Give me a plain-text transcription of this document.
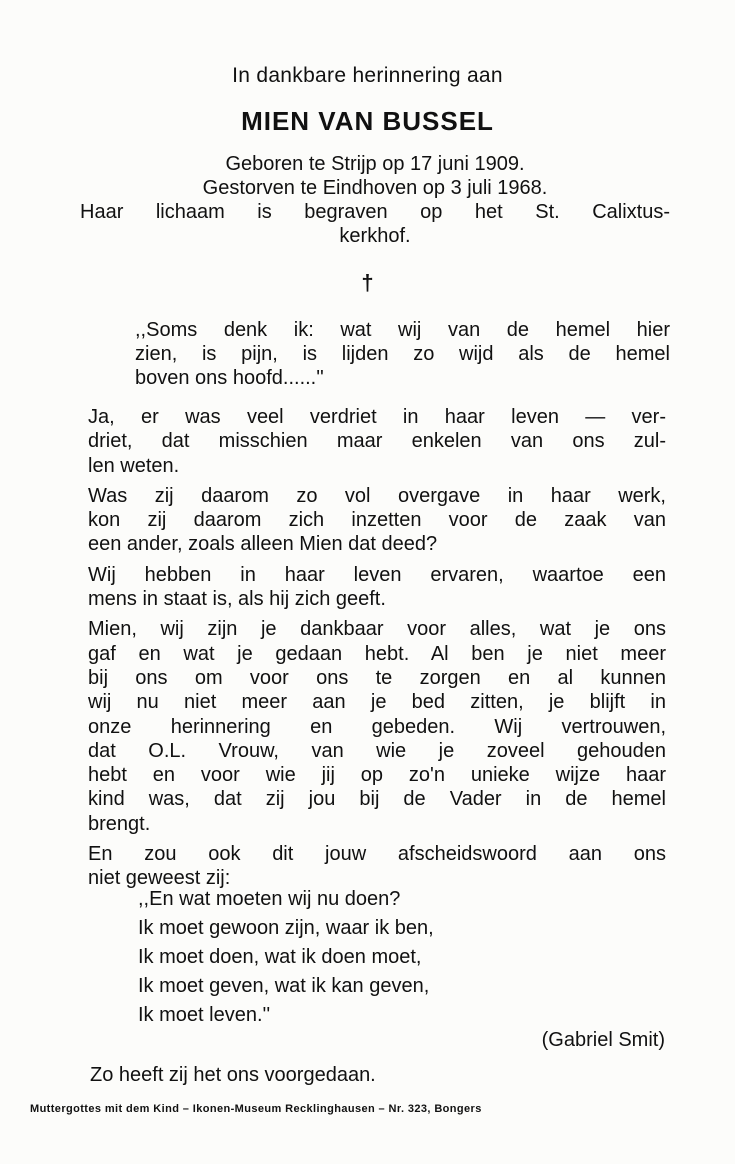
In dankbare herinnering aan
MIEN VAN BUSSEL
Geboren te Strijp op 17 juni 1909.
Gestorven te Eindhoven op 3 juli 1968.
Haar lichaam is begraven op het St. Calixtus-
kerkhof.
†
,,Soms denk ik: wat wij van de hemel hier
zien, is pijn, is lijden zo wijd als de hemel
boven ons hoofd......''

Ja, er was veel verdriet in haar leven — ver-
driet, dat misschien maar enkelen van ons zul-
len weten.

Was zij daarom zo vol overgave in haar werk,
kon zij daarom zich inzetten voor de zaak van
een ander, zoals alleen Mien dat deed?

Wij hebben in haar leven ervaren, waartoe een
mens in staat is, als hij zich geeft.

Mien, wij zijn je dankbaar voor alles, wat je ons
gaf en wat je gedaan hebt. Al ben je niet meer
bij ons om voor ons te zorgen en al kunnen
wij nu niet meer aan je bed zitten, je blijft in
onze herinnering en gebeden. Wij vertrouwen,
dat O.L. Vrouw, van wie je zoveel gehouden
hebt en voor wie jij op zo'n unieke wijze haar
kind was, dat zij jou bij de Vader in de hemel
brengt.

En zou ook dit jouw afscheidswoord aan ons
niet geweest zij:

,,En wat moeten wij nu doen?
Ik moet gewoon zijn, waar ik ben,
Ik moet doen, wat ik doen moet,
Ik moet geven, wat ik kan geven,
Ik moet leven.''
(Gabriel Smit)
Zo heeft zij het ons voorgedaan.
Muttergottes mit dem Kind – Ikonen-Museum Recklinghausen – Nr. 323, Bongers
